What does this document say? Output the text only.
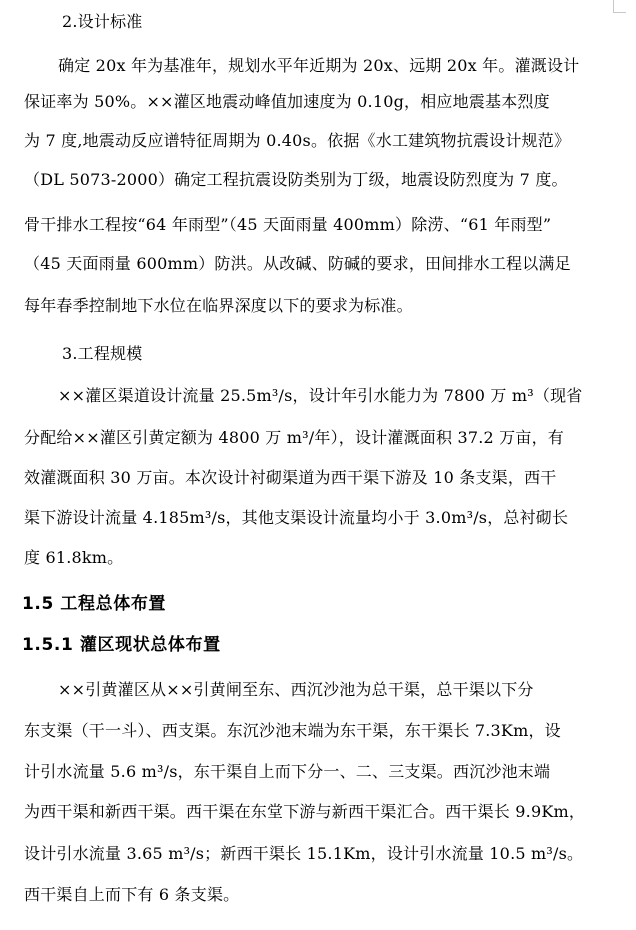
2.设计标准
确定 20x 年为基准年，规划水平年近期为 20x、远期 20x 年。灌溉设计
保证率为 50%。××灌区地震动峰值加速度为 0.10g，相应地震基本烈度
为 7 度,地震动反应谱特征周期为 0.40s。依据《水工建筑物抗震设计规范》
（DL 5073-2000）确定工程抗震设防类别为丁级，地震设防烈度为 7 度。
骨干排水工程按“64 年雨型”（45 天面雨量 400mm）除涝、“61 年雨型”
（45 天面雨量 600mm）防洪。从改碱、防碱的要求，田间排水工程以满足
每年春季控制地下水位在临界深度以下的要求为标准。
3.工程规模
××灌区渠道设计流量 25.5m³/s，设计年引水能力为 7800 万 m³（现省
分配给××灌区引黄定额为 4800 万 m³/年），设计灌溉面积 37.2 万亩，有
效灌溉面积 30 万亩。本次设计衬砌渠道为西干渠下游及 10 条支渠，西干
渠下游设计流量 4.185m³/s，其他支渠设计流量均小于 3.0m³/s，总衬砌长
度 61.8km。
1.5 工程总体布置
1.5.1 灌区现状总体布置
××引黄灌区从××引黄闸至东、西沉沙池为总干渠，总干渠以下分
东支渠（干一斗）、西支渠。东沉沙池末端为东干渠，东干渠长 7.3Km，设
计引水流量 5.6 m³/s，东干渠自上而下分一、二、三支渠。西沉沙池末端
为西干渠和新西干渠。西干渠在东堂下游与新西干渠汇合。西干渠长 9.9Km，
设计引水流量 3.65 m³/s；新西干渠长 15.1Km，设计引水流量 10.5 m³/s。
西干渠自上而下有 6 条支渠。
